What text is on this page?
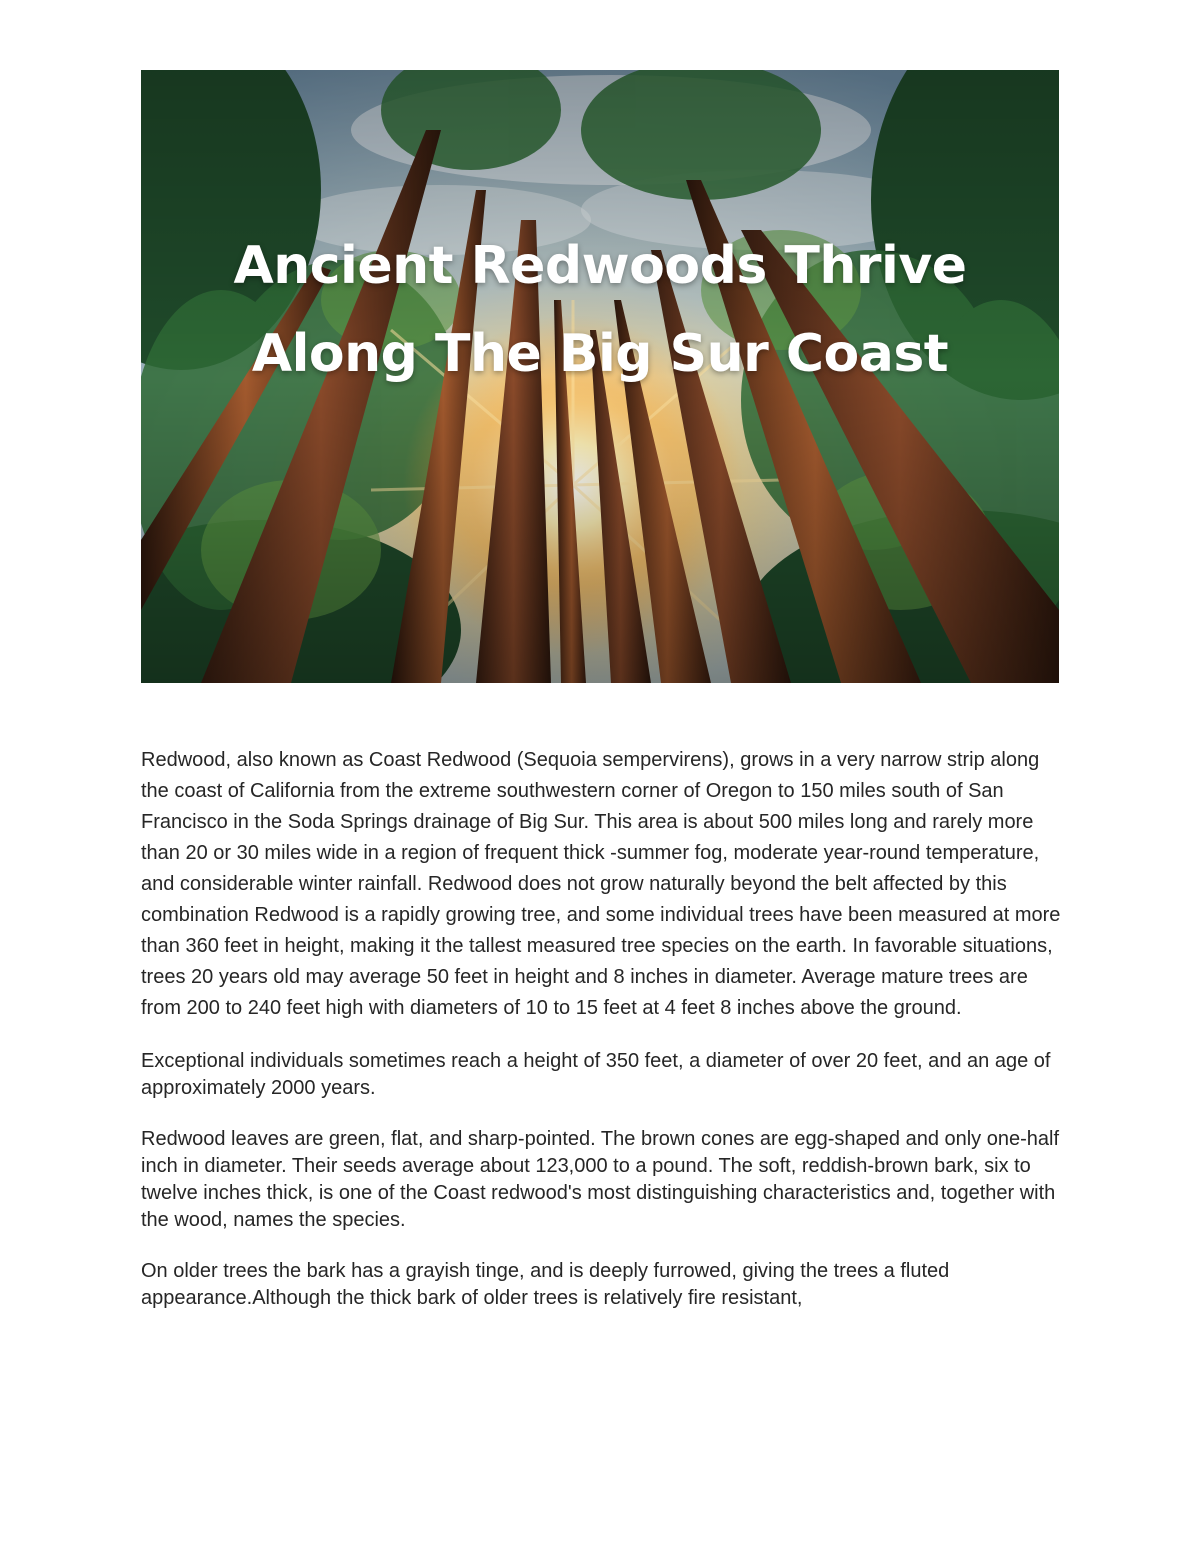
Ancient Redwoods Thrive
Along The Big Sur Coast

Redwood, also known as Coast Redwood (Sequoia sempervirens), grows in a very narrow strip along the coast of California from the extreme southwestern corner of Oregon to 150 miles south of San Francisco in the Soda Springs drainage of Big Sur. This area is about 500 miles long and rarely more than 20 or 30 miles wide in a region of frequent thick -summer fog, moderate year-round temperature, and considerable winter rainfall. Redwood does not grow naturally beyond the belt affected by this combination Redwood is a rapidly growing tree, and some individual trees have been measured at more than 360 feet in height, making it the tallest measured tree species on the earth. In favorable situations, trees 20 years old may average 50 feet in height and 8 inches in diameter. Average mature trees are from 200 to 240 feet high with diameters of 10 to 15 feet at 4 feet 8 inches above the ground.

Exceptional individuals sometimes reach a height of 350 feet, a diameter of over 20 feet, and an age of approximately 2000 years.

Redwood leaves are green, flat, and sharp-pointed. The brown cones are egg-shaped and only one-half inch in diameter. Their seeds average about 123,000 to a pound. The soft, reddish-brown bark, six to twelve inches thick, is one of the Coast redwood's most distinguishing characteristics and, together with the wood, names the species.

On older trees the bark has a grayish tinge, and is deeply furrowed, giving the trees a fluted appearance.Although the thick bark of older trees is relatively fire resistant,
